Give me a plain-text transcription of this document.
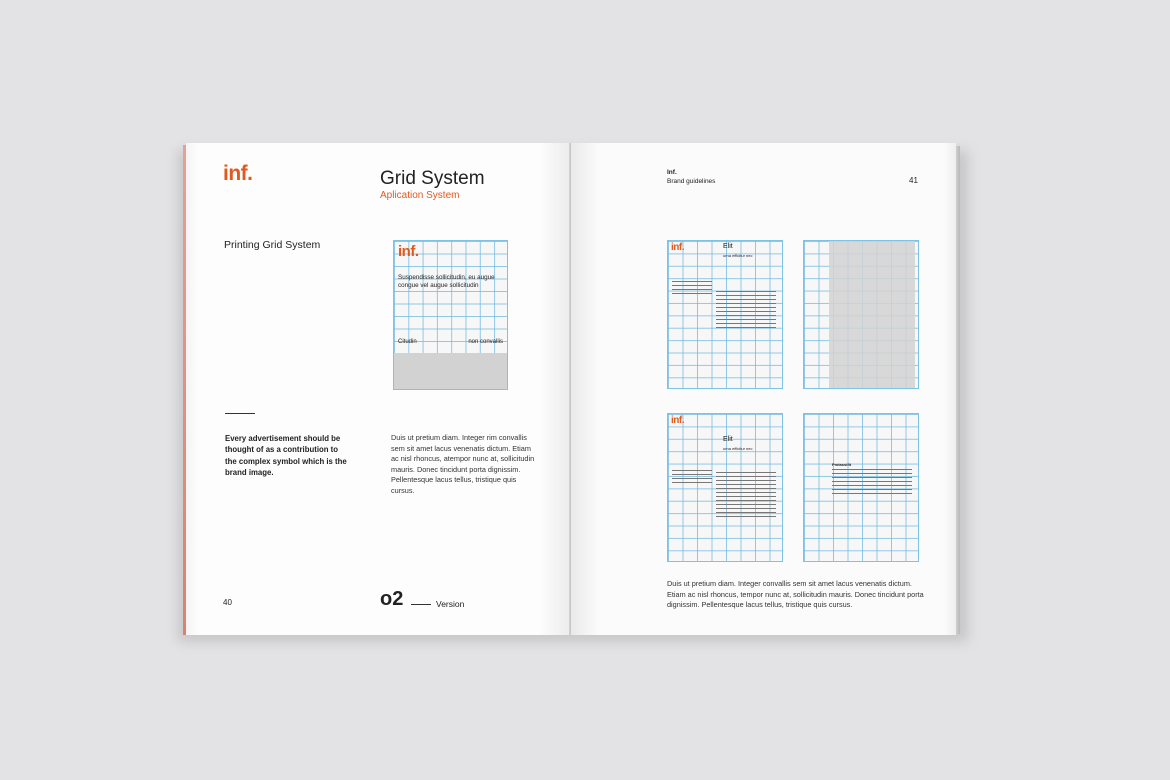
inf.	Grid System
Aplication System
Printing Grid System	inf.
Suspendisse sollicitudin, eu augue congue vel augue sollicitudin
Citudin	non convallis
Every advertisement should be thought of as a contribution to the complex symbol which is the brand image.
Duis ut pretium diam. Integer rim convallis sem sit amet lacus venenatis dictum. Etiam ac nisl rhoncus, atempor nunc at, sollicitudin mauris. Donec tincidunt porta dignissim. Pellentesque lacus tellus, tristique quis cursus.
40	o2	Version
Inf.
Brand guidelines	41
inf.	Elit
urna efficitur nec
inf.
Elit
urna efficitur nec
Pmtassifit
Duis ut pretium diam. Integer convallis sem sit amet lacus venenatis dictum. Etiam ac nisl rhoncus, tempor nunc at, sollicitudin mauris. Donec tincidunt porta dignissim. Pellentesque lacus tellus, tristique quis cursus.
